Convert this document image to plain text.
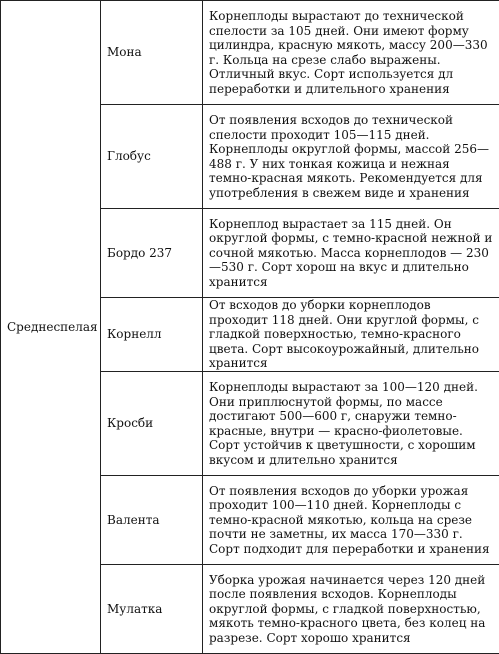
Среднеспелая	Мона	Корнеплоды вырастают до технической спелости за 105 дней. Они имеют форму цилиндра, красную мякоть, массу 200—330 г. Кольца на срезе слабо выражены. Отличный вкус. Сорт используется дл переработки и длительного хранения

	Глобус	От появления всходов до технической спелости проходит 105—115 дней. Корнеплоды округлой формы, массой 256—488 г. У них тонкая кожица и нежная темно-красная мякоть. Рекомендуется для употребления в свежем виде и хранения

	Бордо 237	Корнеплод вырастает за 115 дней. Он округлой формы, с темно-красной нежной и сочной мякотью. Масса корнеплодов — 230—530 г. Сорт хорош на вкус и длительно хранится

	Корнелл	От всходов до уборки корнеплодов проходит 118 дней. Они круглой формы, с гладкой поверхностью, темно-красного цвета. Сорт высокоурожайный, длительно хранится

	Кросби	Корнеплоды вырастают за 100—120 дней. Они приплюснутой формы, по массе достигают 500—600 г, снаружи темно-красные, внутри — красно-фиолетовые. Сорт устойчив к цветушности, с хорошим вкусом и длительно хранится

	Валента	От появления всходов до уборки урожая проходит 100—110 дней. Корнеплоды с темно-красной мякотью, кольца на срезе почти не заметны, их масса 170—330 г. Сорт подходит для переработки и хранения

	Мулатка	Уборка урожая начинается через 120 дней после появления всходов. Корнеплоды округлой формы, с гладкой поверхностью, мякоть темно-красного цвета, без колец на разрезе. Сорт хорошо хранится
